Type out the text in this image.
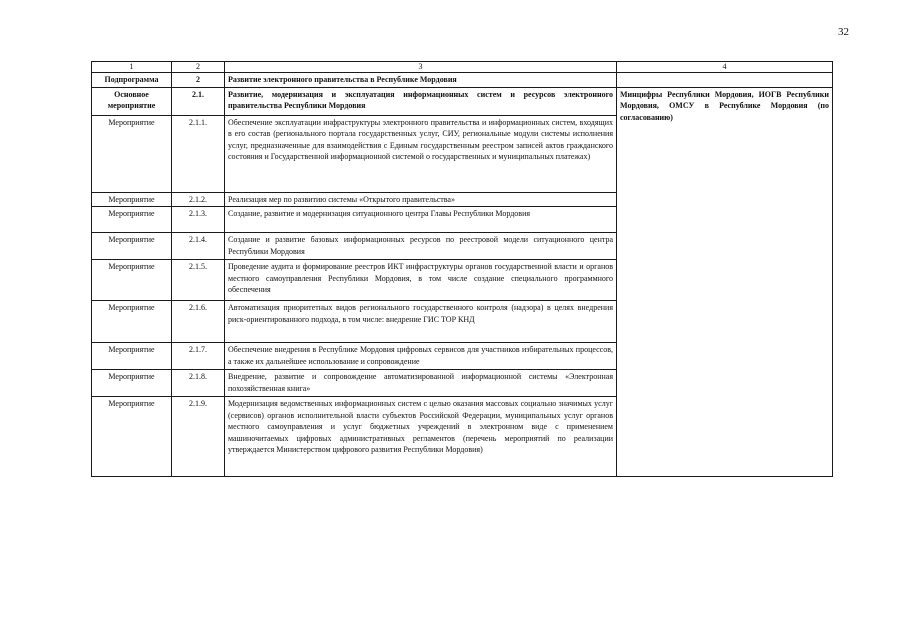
32
1	2	3	4
Подпрограмма	2	Развитие электронного правительства в Республике Мордовия	
Основное мероприятие	2.1.	Развитие, модернизация и эксплуатация информационных систем и ресурсов электронного правительства Республики Мордовия	Минцифры Республики Мордовия, ИОГВ Республики Мордовия, ОМСУ в Республике Мордовия (по согласованию)
Мероприятие	2.1.1.	Обеспечение эксплуатации инфраструктуры электронного правительства и информационных систем, входящих в его состав (регионального портала государственных услуг, СИУ, региональные модули системы исполнения услуг, предназначенные для взаимодействия с Единым государственным реестром записей актов гражданского состояния и Государственной информационной системой о государственных и муниципальных платежах)	
Мероприятие	2.1.2.	Реализация мер по развитию системы «Открытого правительства»	
Мероприятие	2.1.3.	Создание, развитие и модернизация ситуационного центра Главы Республики Мордовия	
Мероприятие	2.1.4.	Создание и развитие базовых информационных ресурсов по реестровой модели ситуационного центра Республики Мордовия	
Мероприятие	2.1.5.	Проведение аудита и формирование реестров ИКТ инфраструктуры органов государственной власти и органов местного самоуправления Республики Мордовия, в том числе создание специального программного обеспечения	
Мероприятие	2.1.6.	Автоматизация приоритетных видов регионального государственного контроля (надзора) в целях внедрения риск-ориентированного подхода, в том числе: внедрение ГИС ТОР КНД	
Мероприятие	2.1.7.	Обеспечение внедрения в Республике Мордовия цифровых сервисов для участников избирательных процессов, а также их дальнейшее использование и сопровождение	
Мероприятие	2.1.8.	Внедрение, развитие и сопровождение автоматизированной информационной системы «Электронная похозяйственная книга»	
Мероприятие	2.1.9.	Модернизация ведомственных информационных систем с целью оказания массовых социально значимых услуг (сервисов) органов исполнительной власти субъектов Российской Федерации, муниципальных услуг органов местного самоуправления и услуг бюджетных учреждений в электронном виде с применением машиночитаемых цифровых административных регламентов (перечень мероприятий по реализации утверждается Министерством цифрового развития Республики Мордовия)	
